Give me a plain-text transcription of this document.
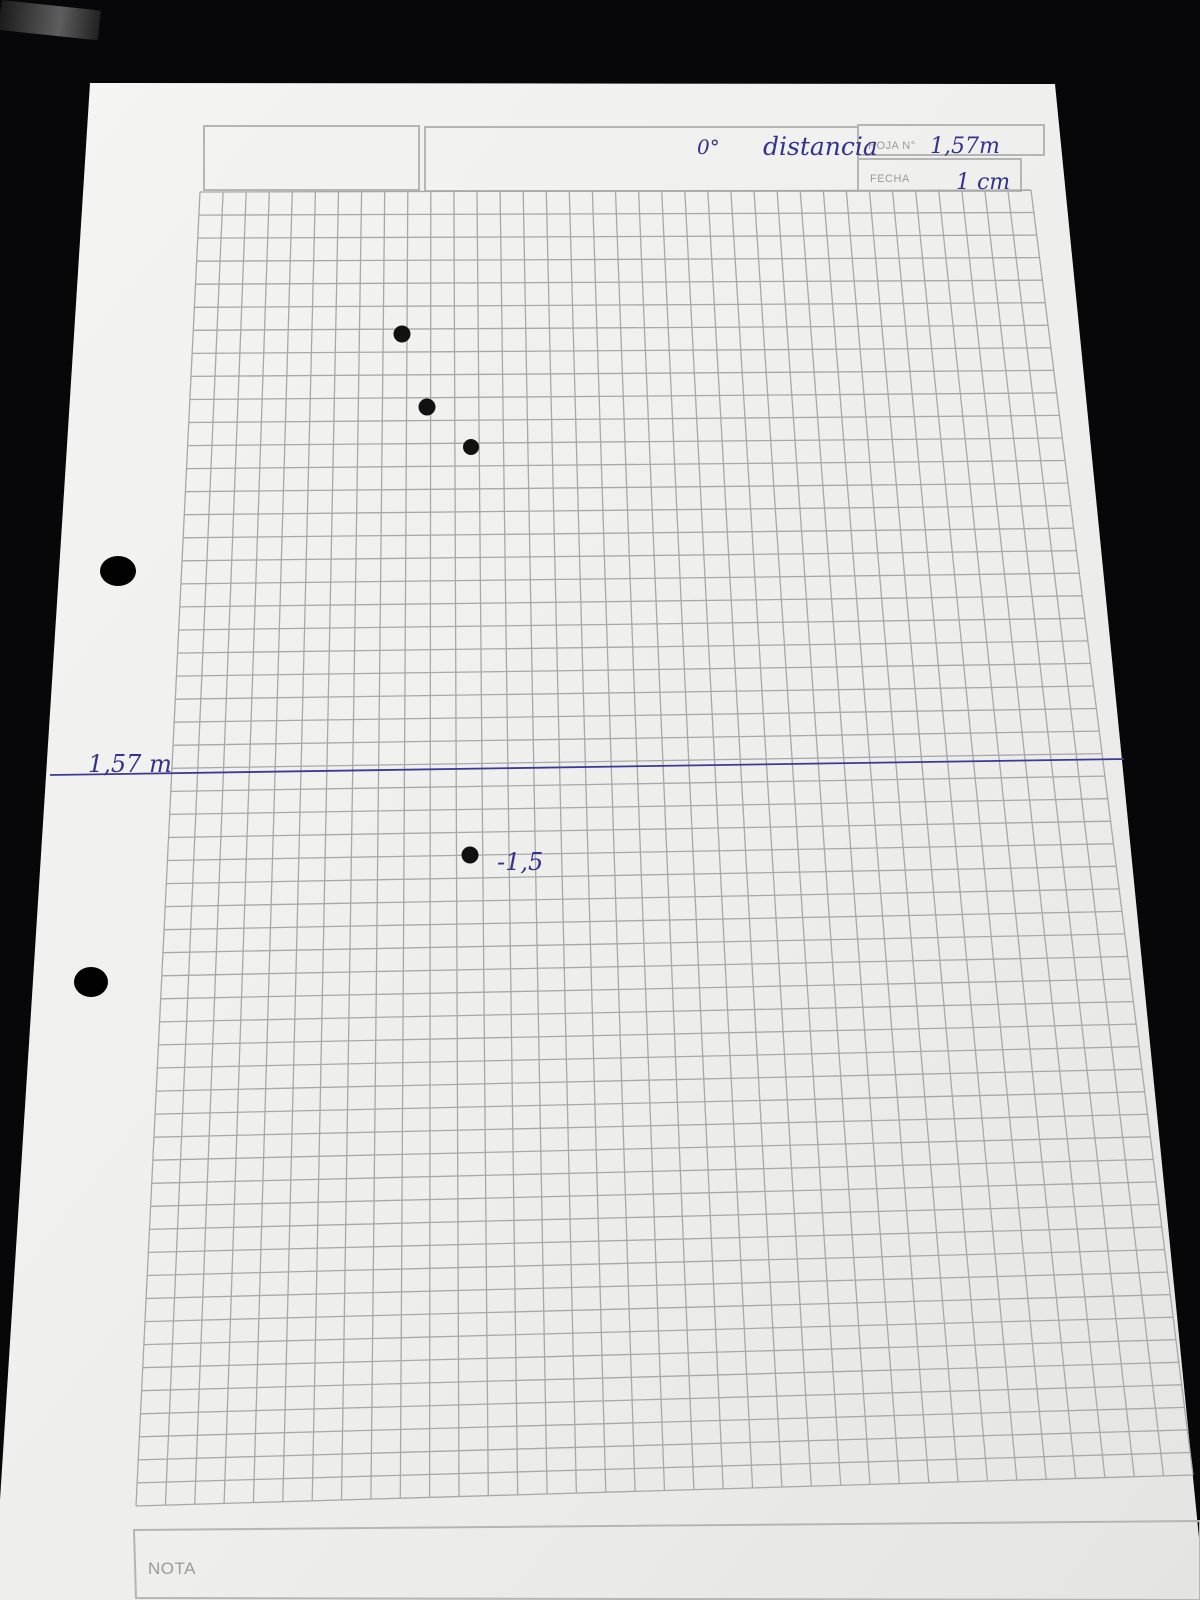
HOJA N°
FECHA
NOTA
0° distancia 1,57m
1 cm
1,57 m
-1,5
